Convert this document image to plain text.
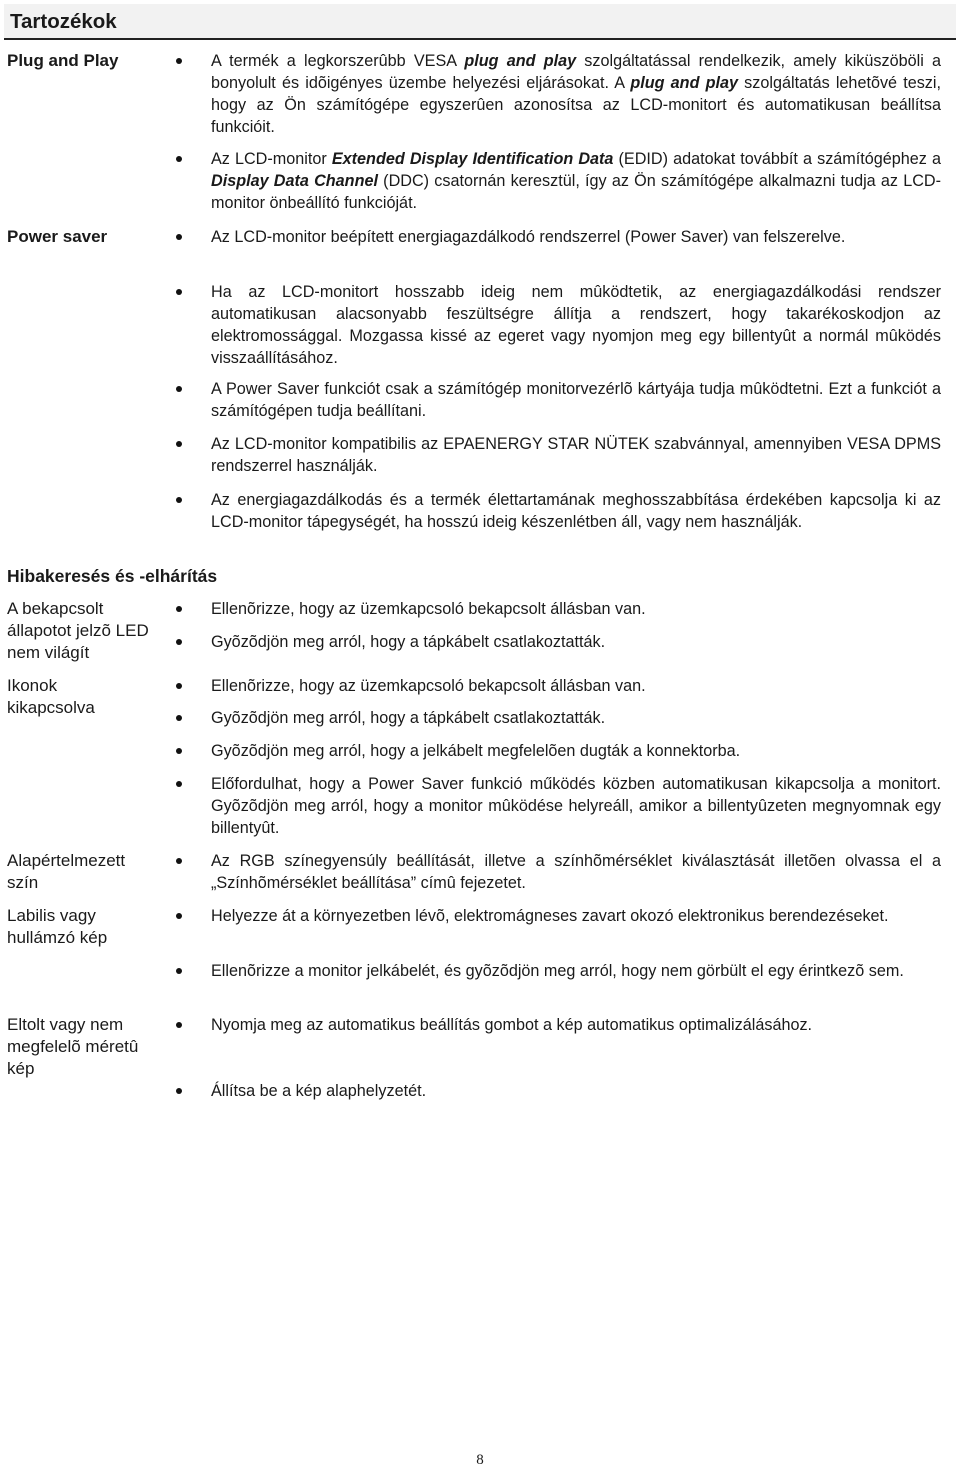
Tartozékok
Plug and Play	A termék a legkorszerûbb VESA plug and play szolgáltatással rendelkezik, amely kiküszöböli a bonyolult és idõigényes üzembe helyezési eljárásokat. A plug and play szolgáltatás lehetõvé teszi, hogy az Ön számítógépe egyszerûen azonosítsa az LCD-monitort és automatikusan beállítsa funkcióit.
Az LCD-monitor Extended Display Identification Data (EDID) adatokat továbbít a számítógéphez a Display Data Channel (DDC) csatornán keresztül, így az Ön számítógépe alkalmazni tudja az LCD-monitor önbeállító funkcióját.
Power saver	Az LCD-monitor beépített energiagazdálkodó rendszerrel (Power Saver) van felszerelve.
Ha az LCD-monitort hosszabb ideig nem mûködtetik, az energiagazdálkodási rendszer automatikusan alacsonyabb feszültségre állítja a rendszert, hogy takarékoskodjon az elektromossággal. Mozgassa kissé az egeret vagy nyomjon meg egy billentyût a normál mûködés visszaállításához.
A Power Saver funkciót csak a számítógép monitorvezérlõ kártyája tudja mûködtetni. Ezt a funkciót a számítógépen tudja beállítani.
Az LCD-monitor kompatibilis az EPAENERGY STAR NÜTEK szabvánnyal, amennyiben VESA DPMS rendszerrel használják.
Az energiagazdálkodás és a termék élettartamának meghosszabbítása érdekében kapcsolja ki az LCD-monitor tápegységét, ha hosszú ideig készenlétben áll, vagy nem használják.
Hibakeresés és -elhárítás
A bekapcsolt állapotot jelzõ LED nem világít
Ellenõrizze, hogy az üzemkapcsoló bekapcsolt állásban van.
Gyõzõdjön meg arról, hogy a tápkábelt csatlakoztatták.
Ikonok kikapcsolva
Ellenõrizze, hogy az üzemkapcsoló bekapcsolt állásban van.
Gyõzõdjön meg arról, hogy a tápkábelt csatlakoztatták.
Gyõzõdjön meg arról, hogy a jelkábelt megfelelõen dugták a konnektorba.
Előfordulhat, hogy a Power Saver funkció működés közben automatikusan kikapcsolja a monitort. Gyõzõdjön meg arról, hogy a monitor mûködése helyreáll, amikor a billentyûzeten megnyomnak egy billentyût.
Alapértelmezett szín
Az RGB színegyensúly beállítását, illetve a színhõmérséklet kiválasztását illetõen olvassa el a „Színhõmérséklet beállítása” címû fejezetet.
Labilis vagy hullámzó kép
Helyezze át a környezetben lévõ, elektromágneses zavart okozó elektronikus berendezéseket.
Ellenõrizze a monitor jelkábelét, és gyõzõdjön meg arról, hogy nem görbült el egy érintkezõ sem.
Eltolt vagy nem megfelelõ méretû kép
Nyomja meg az automatikus beállítás gombot a kép automatikus optimalizálásához.
Állítsa be a kép alaphelyzetét.
8
